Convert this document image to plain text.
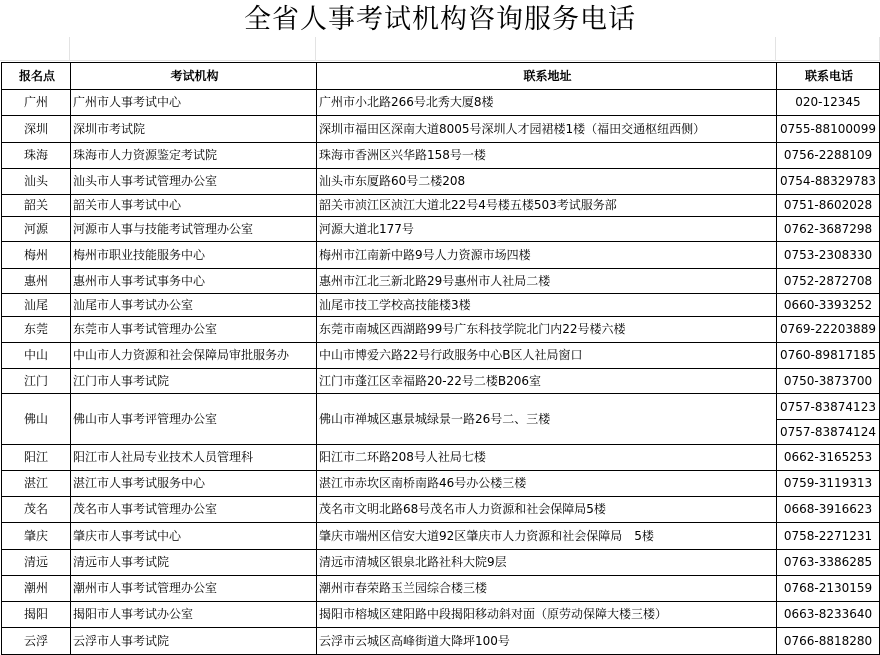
全省人事考试机构咨询服务电话
报名点	考试机构	联系地址	联系电话
广州	广州市人事考试中心	广州市小北路266号北秀大厦8楼	020-12345
深圳	深圳市考试院	深圳市福田区深南大道8005号深圳人才园裙楼1楼（福田交通枢纽西侧）	0755-88100099
珠海	珠海市人力资源鉴定考试院	珠海市香洲区兴华路158号一楼	0756-2288109
汕头	汕头市人事考试管理办公室	汕头市东厦路60号二楼208	0754-88329783
韶关	韶关市人事考试中心	韶关市浈江区浈江大道北22号4号楼五楼503考试服务部	0751-8602028
河源	河源市人事与技能考试管理办公室	河源大道北177号	0762-3687298
梅州	梅州市职业技能服务中心	梅州市江南新中路9号人力资源市场四楼	0753-2308330
惠州	惠州市人事考试事务中心	惠州市江北三新北路29号惠州市人社局二楼	0752-2872708
汕尾	汕尾市人事考试办公室	汕尾市技工学校高技能楼3楼	0660-3393252
东莞	东莞市人事考试管理办公室	东莞市南城区西湖路99号广东科技学院北门内22号楼六楼	0769-22203889
中山	中山市人力资源和社会保障局审批服务办	中山市博爱六路22号行政服务中心B区人社局窗口	0760-89817185
江门	江门市人事考试院	江门市蓬江区幸福路20-22号二楼B206室	0750-3873700
佛山	佛山市人事考评管理办公室	佛山市禅城区惠景城绿景一路26号二、三楼	0757-83874123
0757-83874124

阳江	阳江市人社局专业技术人员管理科	阳江市二环路208号人社局七楼	0662-3165253
湛江	湛江市人事考试服务中心	湛江市赤坎区南桥南路46号办公楼三楼	0759-3119313
茂名	茂名市人事考试管理办公室	茂名市文明北路68号茂名市人力资源和社会保障局5楼	0668-3916623
肇庆	肇庆市人事考试中心	肇庆市端州区信安大道92区肇庆市人力资源和社会保障局　5楼	0758-2271231
清远	清远市人事考试院	清远市清城区银泉北路社科大院9层	0763-3386285
潮州	潮州市人事考试管理办公室	潮州市春荣路玉兰园综合楼三楼	0768-2130159
揭阳	揭阳市人事考试办公室	揭阳市榕城区建阳路中段揭阳移动斜对面（原劳动保障大楼三楼）	0663-8233640
云浮	云浮市人事考试院	云浮市云城区高峰街道大降坪100号	0766-8818280
